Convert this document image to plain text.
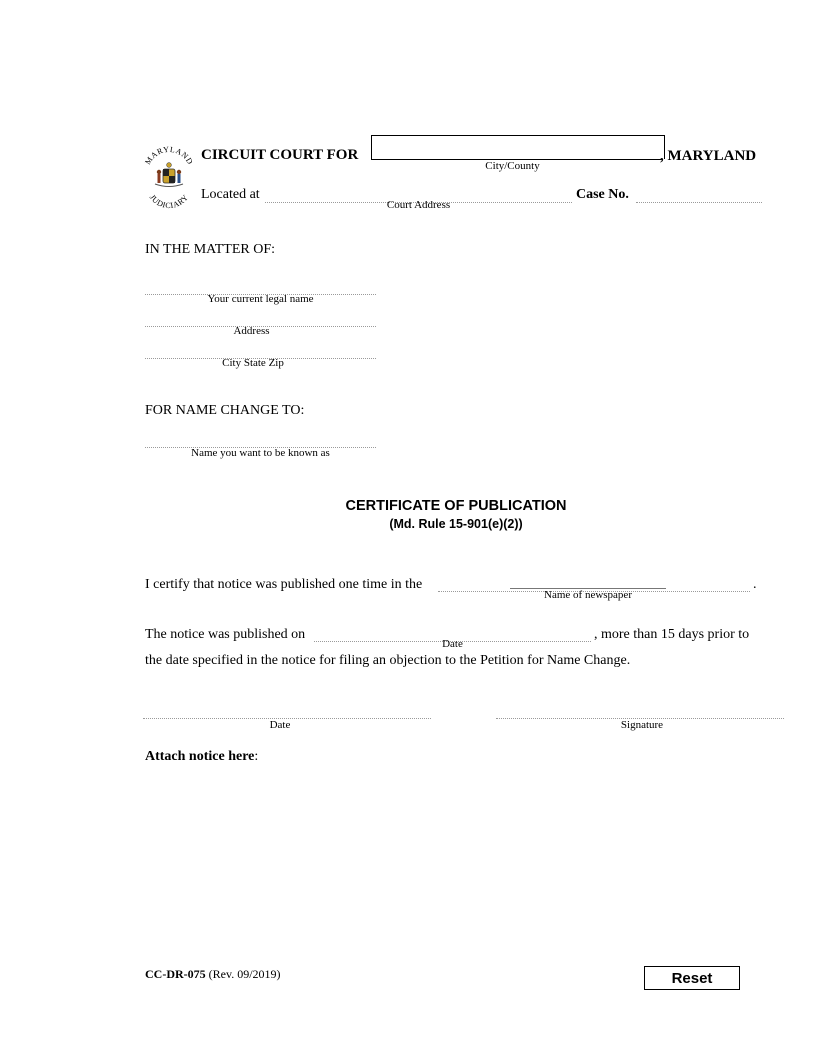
MARYLAND
JUDICIARY
CIRCUIT COURT FOR	, MARYLAND
City/County
Located at
Court Address
Case No.
IN THE MATTER OF:
Your current legal name
Address
City State Zip
FOR NAME CHANGE TO:
Name you want to be known as
CERTIFICATE OF PUBLICATION
(Md. Rule 15-901(e)(2))
I certify that notice was published one time in the	.
Name of newspaper
The notice was published on
Date
, more than 15 days prior to
the date specified in the notice for filing an objection to the Petition for Name Change.
Date	Signature
Attach notice here:
CC-DR-075 (Rev. 09/2019)	Reset
